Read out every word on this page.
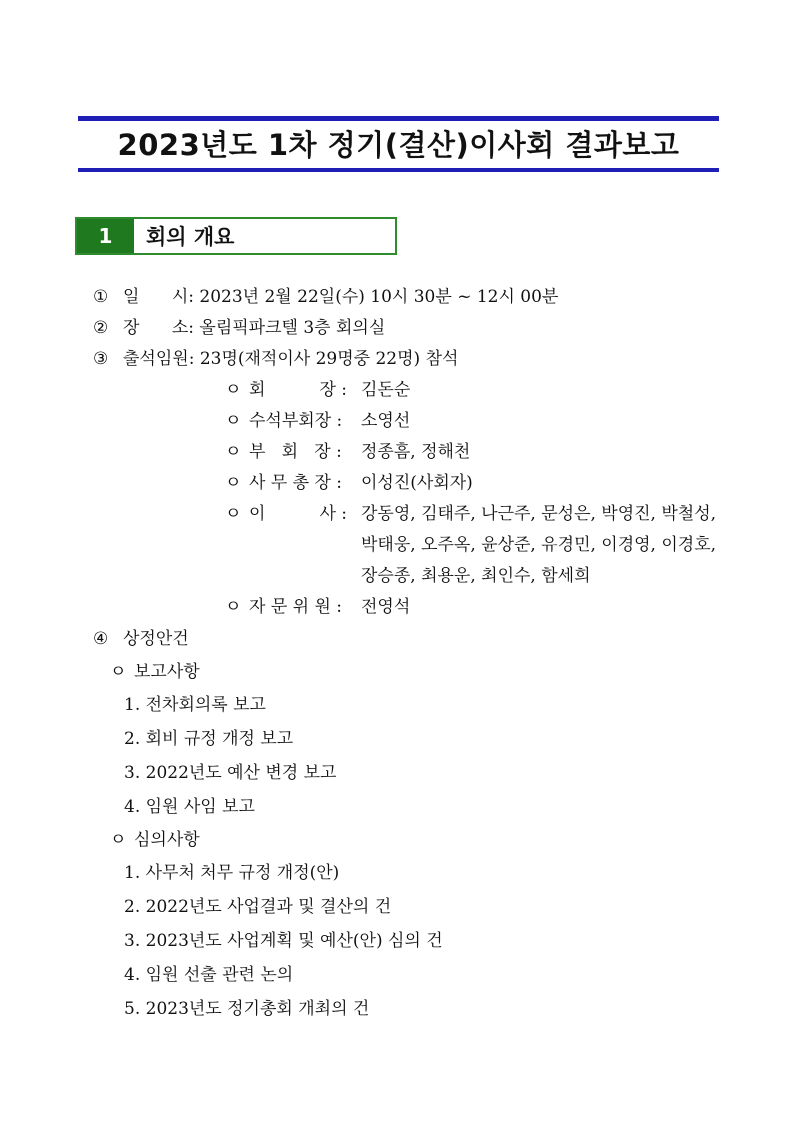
2023년도 1차 정기(결산)이사회 결과보고
1	회의 개요
① 일      시: 2023년 2월 22일(수) 10시 30분 ~ 12시 00분
② 장      소: 올림픽파크텔 3층 회의실
③ 출석임원: 23명(재적이사 29명중 22명) 참석
ㅇ 회          장 : 김돈순
ㅇ 수석부회장 : 소영선
ㅇ 부   회   장 : 정종흠, 정해천
ㅇ 사 무 총 장 : 이성진(사회자)
ㅇ 이          사 : 강동영, 김태주, 나근주, 문성은, 박영진, 박철성,
박태웅, 오주옥, 윤상준, 유경민, 이경영, 이경호,
장승종, 최용운, 최인수, 함세희
ㅇ 자 문 위 원 : 전영석
④ 상정안건
ㅇ 보고사항
1. 전차회의록 보고
2. 회비 규정 개정 보고
3. 2022년도 예산 변경 보고
4. 임원 사임 보고
ㅇ 심의사항
1. 사무처 처무 규정 개정(안)
2. 2022년도 사업결과 및 결산의 건
3. 2023년도 사업계획 및 예산(안) 심의 건
4. 임원 선출 관련 논의
5. 2023년도 정기총회 개최의 건
